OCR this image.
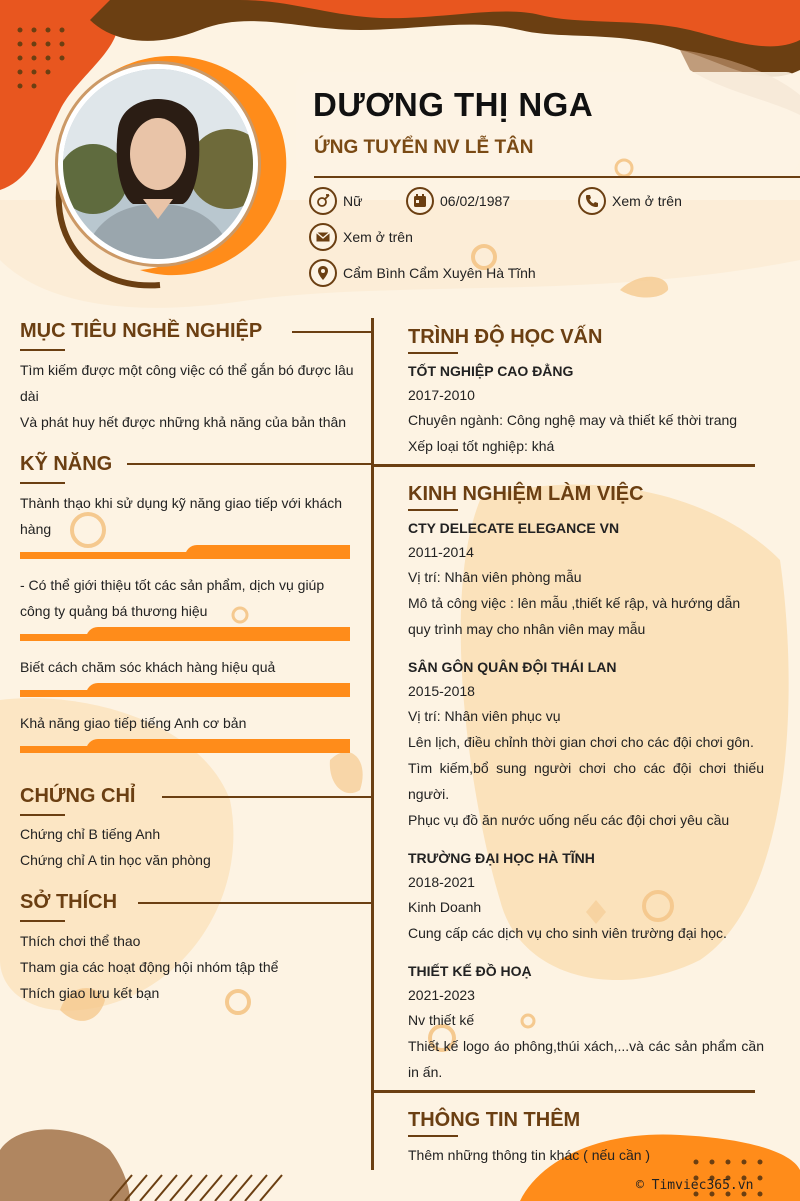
DƯƠNG THỊ NGA
ỨNG TUYỂN NV LỄ TÂN
Nữ	06/02/1987	Xem ở trên
Xem ở trên
Cẩm Bình Cẩm Xuyên Hà Tĩnh
MỤC TIÊU NGHỀ NGHIỆP
Tìm kiếm được một công việc có thể gắn bó được lâu dài
Và phát huy hết được những khả năng của bản thân
KỸ NĂNG
Thành thạo khi sử dụng kỹ năng giao tiếp với khách hàng
- Có thể giới thiệu tốt các sản phẩm, dịch vụ giúp công ty quảng bá thương hiệu
Biết cách chăm sóc khách hàng hiệu quả
Khả năng giao tiếp tiếng Anh cơ bản
CHỨNG CHỈ
Chứng chỉ B tiếng Anh
Chứng chỉ A tin học văn phòng
SỞ THÍCH
Thích chơi thể thao
Tham gia các hoạt động hội nhóm tập thể
Thích giao lưu kết bạn
TRÌNH ĐỘ HỌC VẤN
TỐT NGHIỆP CAO ĐẲNG
2017-2010
Chuyên ngành: Công nghệ may và thiết kế thời trang
Xếp loại tốt nghiệp: khá
KINH NGHIỆM LÀM VIỆC
CTY DELECATE ELEGANCE VN
2011-2014
Vị trí: Nhân viên phòng mẫu
Mô tả công việc : lên mẫu ,thiết kế rập, và hướng dẫn quy trình may cho nhân viên may mẫu
SÂN GÔN QUÂN ĐỘI THÁI LAN
2015-2018
Vị trí: Nhân viên phục vụ
Lên lịch, điều chỉnh thời gian chơi cho các đội chơi gôn.
Tìm kiếm,bổ sung người chơi cho các đội chơi thiếu người.
Phục vụ đồ ăn nước uống nếu các đội chơi yêu cầu
TRƯỜNG ĐẠI HỌC HÀ TĨNH
2018-2021
Kinh Doanh
Cung cấp các dịch vụ cho sinh viên trường đại học.
THIẾT KẾ ĐỒ HOẠ
2021-2023
Nv thiết kế
Thiết kế logo áo phông,thúi xách,...và các sản phẩm cần in ấn.
THÔNG TIN THÊM
Thêm những thông tin khác ( nếu cần )
© Timviec365.vn
